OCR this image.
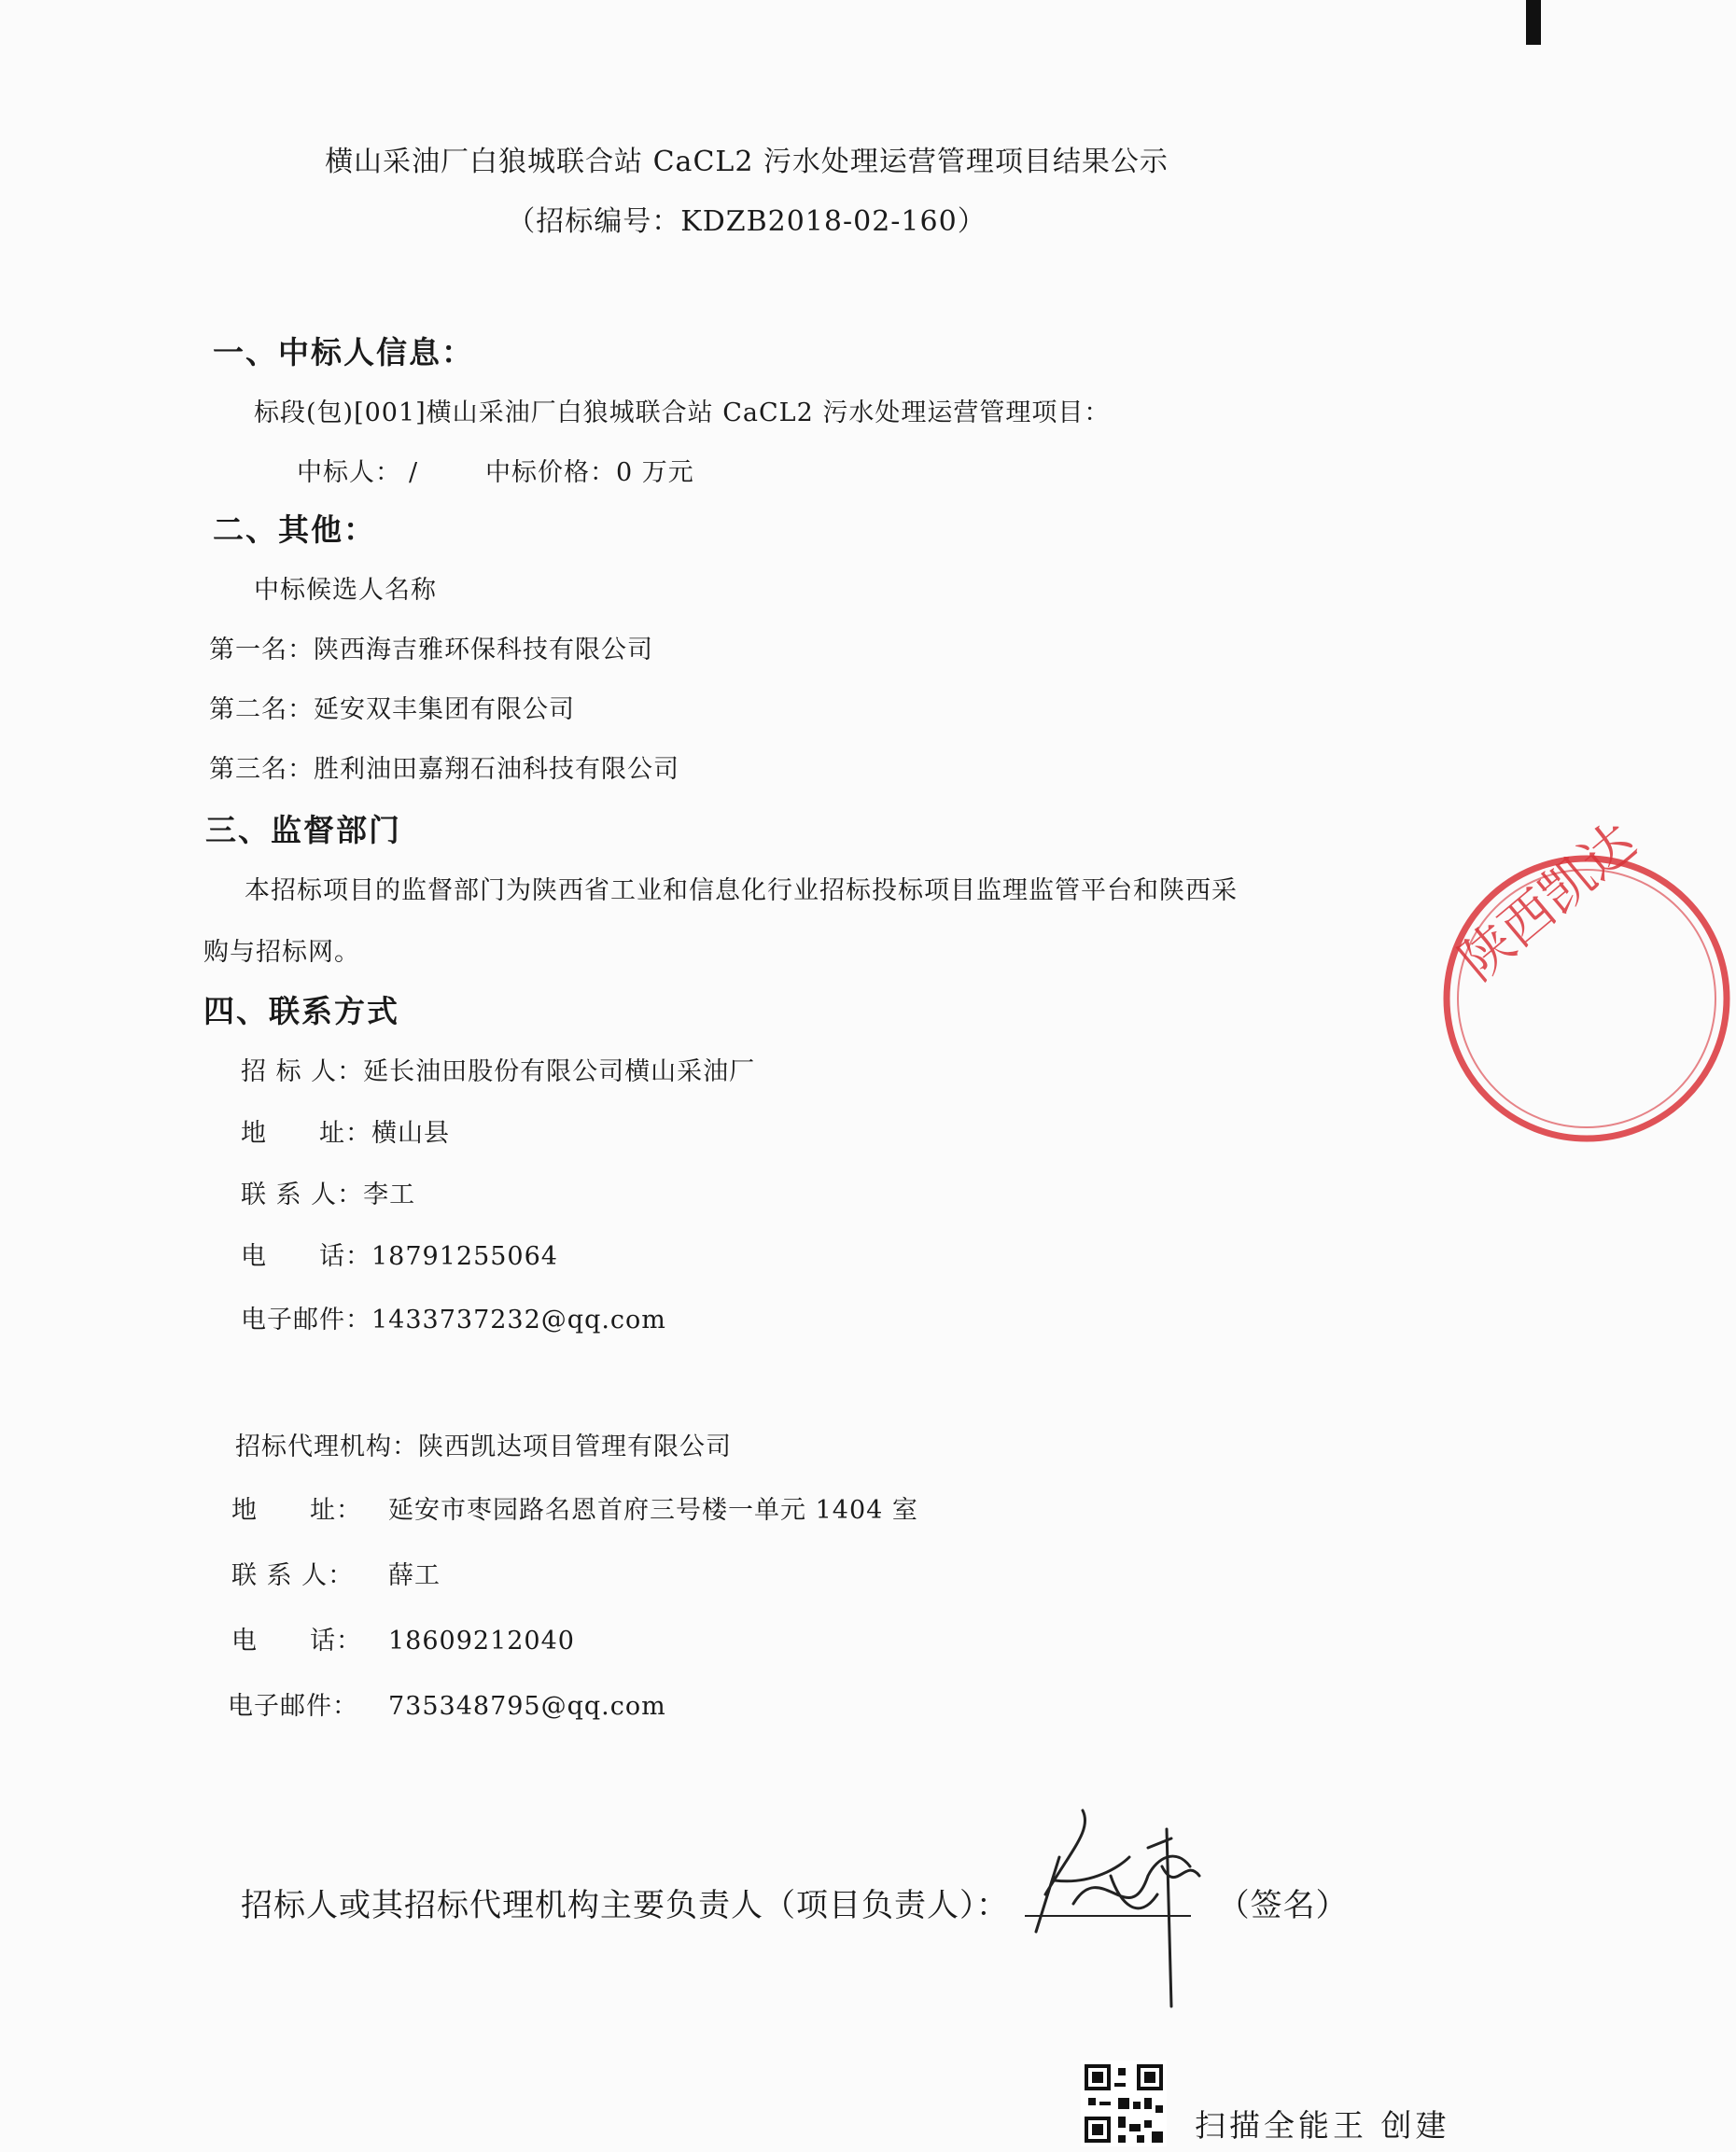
横山采油厂白狼城联合站 CaCL2 污水处理运营管理项目结果公示
（招标编号：KDZB2018-02-160）
一、中标人信息：
标段(包)[001]横山采油厂白狼城联合站 CaCL2 污水处理运营管理项目：
中标人： /	中标价格：0 万元
二、其他：
中标候选人名称
第一名：陕西海吉雅环保科技有限公司
第二名：延安双丰集团有限公司
第三名：胜利油田嘉翔石油科技有限公司
三、监督部门
本招标项目的监督部门为陕西省工业和信息化行业招标投标项目监理监管平台和陕西采
购与招标网。
四、联系方式
招 标 人：延长油田股份有限公司横山采油厂
地　　址：横山县
联 系 人：李工
电　　话：18791255064
电子邮件：1433737232@qq.com
招标代理机构：陕西凯达项目管理有限公司
地　　址： 延安市枣园路名恩首府三号楼一单元 1404 室
联 系 人： 薛工
电　　话： 18609212040
电子邮件： 735348795@qq.com
陕西凯达
招标人或其招标代理机构主要负责人（项目负责人）：	（签名）
扫描全能王 创建
